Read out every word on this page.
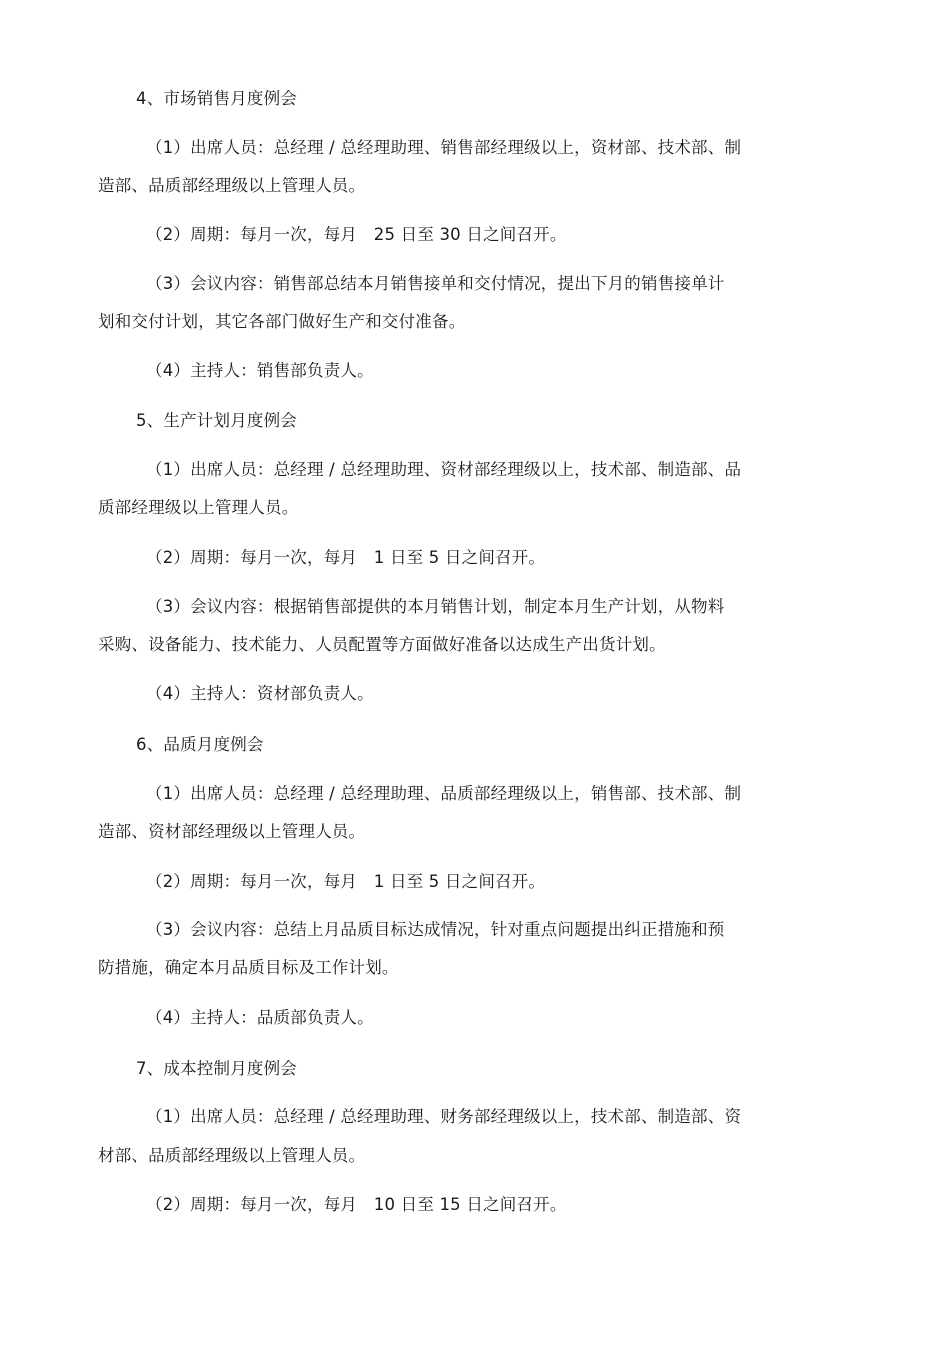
4、市场销售月度例会
（1）出席人员：总经理 / 总经理助理、销售部经理级以上，资材部、技术部、制
造部、品质部经理级以上管理人员。
（2）周期：每月一次，每月　25 日至 30 日之间召开。
（3）会议内容：销售部总结本月销售接单和交付情况，提出下月的销售接单计
划和交付计划，其它各部门做好生产和交付准备。
（4）主持人：销售部负责人。
5、生产计划月度例会
（1）出席人员：总经理 / 总经理助理、资材部经理级以上，技术部、制造部、品
质部经理级以上管理人员。
（2）周期：每月一次，每月　1 日至 5 日之间召开。
（3）会议内容：根据销售部提供的本月销售计划，制定本月生产计划，从物料
采购、设备能力、技术能力、人员配置等方面做好准备以达成生产出货计划。
（4）主持人：资材部负责人。
6、品质月度例会
（1）出席人员：总经理 / 总经理助理、品质部经理级以上，销售部、技术部、制
造部、资材部经理级以上管理人员。
（2）周期：每月一次，每月　1 日至 5 日之间召开。
（3）会议内容：总结上月品质目标达成情况，针对重点问题提出纠正措施和预
防措施，确定本月品质目标及工作计划。
（4）主持人：品质部负责人。
7、成本控制月度例会
（1）出席人员：总经理 / 总经理助理、财务部经理级以上，技术部、制造部、资
材部、品质部经理级以上管理人员。
（2）周期：每月一次，每月　10 日至 15 日之间召开。
